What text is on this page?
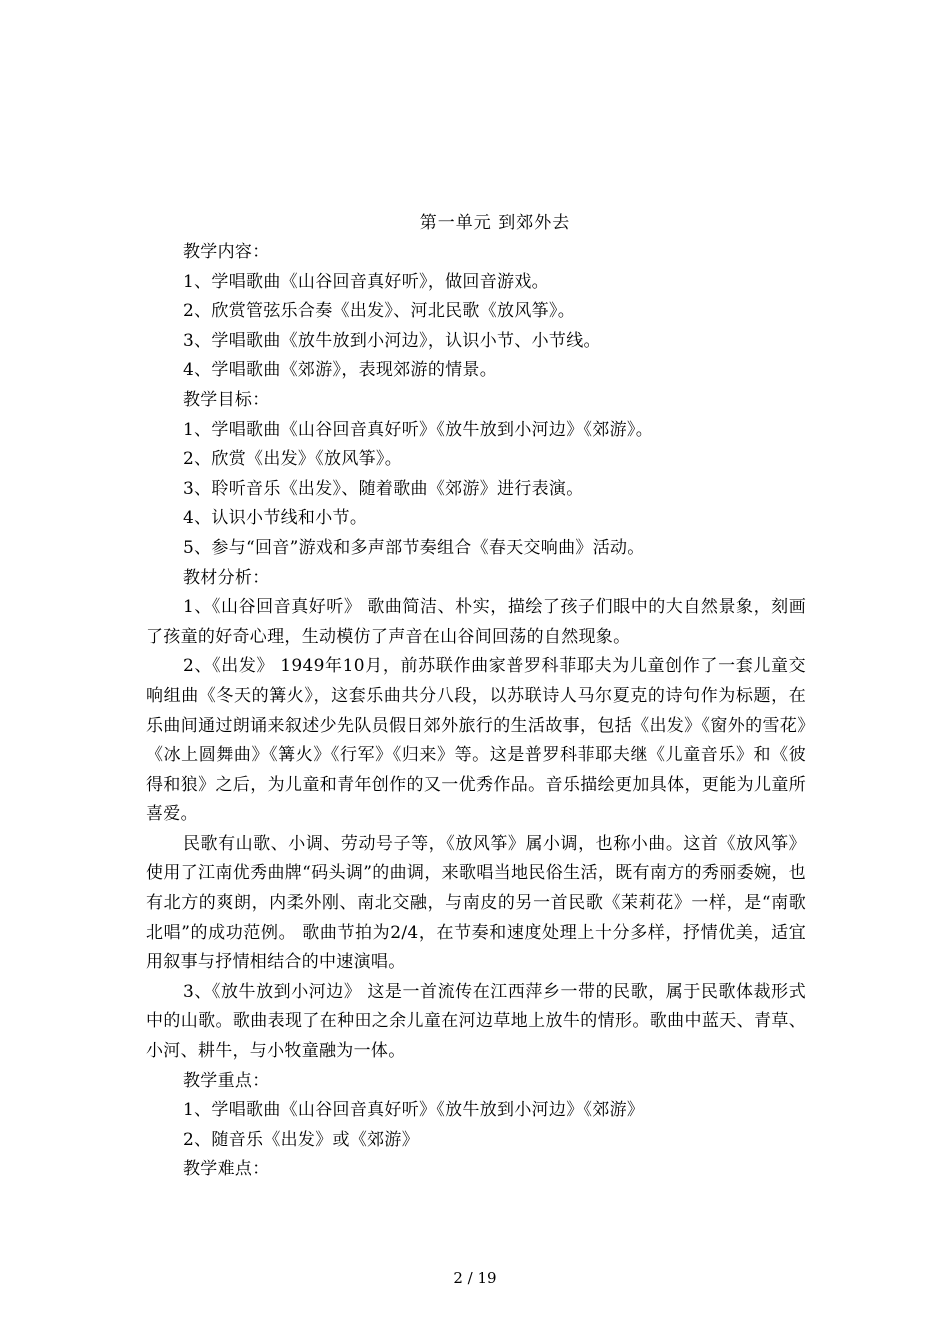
第一单元 到郊外去

教学内容：

1、学唱歌曲《山谷回音真好听》，做回音游戏。

2、欣赏管弦乐合奏《出发》、河北民歌《放风筝》。

3、学唱歌曲《放牛放到小河边》，认识小节、小节线。

4、学唱歌曲《郊游》，表现郊游的情景。

教学目标：

1、学唱歌曲《山谷回音真好听》《放牛放到小河边》《郊游》。

2、欣赏《出发》《放风筝》。

3、聆听音乐《出发》、随着歌曲《郊游》进行表演。

4、认识小节线和小节。

5、参与“回音”游戏和多声部节奏组合《春天交响曲》活动。

教材分析：

1、《山谷回音真好听》 歌曲简洁、朴实，描绘了孩子们眼中的大自然景象，刻画了孩童的好奇心理，生动模仿了声音在山谷间回荡的自然现象。

2、《出发》 1949年10月，前苏联作曲家普罗科菲耶夫为儿童创作了一套儿童交响组曲《冬天的篝火》，这套乐曲共分八段，以苏联诗人马尔夏克的诗句作为标题，在乐曲间通过朗诵来叙述少先队员假日郊外旅行的生活故事，包括《出发》《窗外的雪花》《冰上圆舞曲》《篝火》《行军》《归来》等。这是普罗科菲耶夫继《儿童音乐》和《彼得和狼》之后，为儿童和青年创作的又一优秀作品。音乐描绘更加具体，更能为儿童所喜爱。

民歌有山歌、小调、劳动号子等，《放风筝》属小调，也称小曲。这首《放风筝》使用了江南优秀曲牌“码头调”的曲调，来歌唱当地民俗生活，既有南方的秀丽委婉，也有北方的爽朗，内柔外刚、南北交融，与南皮的另一首民歌《茉莉花》一样，是“南歌北唱”的成功范例。 歌曲节拍为2/4，在节奏和速度处理上十分多样，抒情优美，适宜用叙事与抒情相结合的中速演唱。

3、《放牛放到小河边》 这是一首流传在江西萍乡一带的民歌，属于民歌体裁形式中的山歌。歌曲表现了在种田之余儿童在河边草地上放牛的情形。歌曲中蓝天、青草、小河、耕牛，与小牧童融为一体。

教学重点：

1、学唱歌曲《山谷回音真好听》《放牛放到小河边》《郊游》

2、随音乐《出发》或《郊游》

教学难点：

2 / 19
